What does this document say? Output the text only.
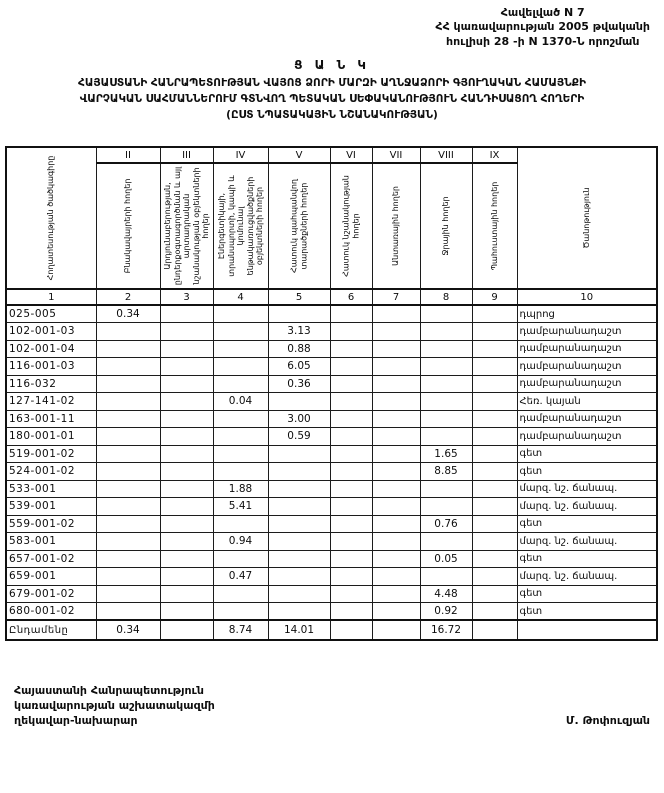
Հավելված N 7
ՀՀ կառավարության 2005 թվականի
հուլիսի 28 -ի N 1370-Ն որոշման
Ց Ա Ն Կ
ՀԱՅԱՍՏԱՆԻ ՀԱՆՐԱՊԵՏՈՒԹՅԱՆ ՎԱՅՈՑ ՁՈՐԻ ՄԱՐԶԻ ԱՂՆՋԱՁՈՐԻ ԳՅՈՒՂԱԿԱՆ ՀԱՄԱՅՆՔԻ
ՎԱՐՉԱԿԱՆ ՍԱՀՄԱՆՆԵՐՈՒՄ ԳՏՆՎՈՂ ՊԵՏԱԿԱՆ ՍԵՓԱԿԱՆՈՒԹՅՈՒՆ ՀԱՆԴԻՍԱՑՈՂ ՀՈՂԵՐԻ
(ԸՍՏ ՆՊԱՏԱԿԱՅԻՆ ՆՇԱՆԱԿՈՒԹՅԱՆ)
Հողատեսության ծածկագիրը	II	III	IV	V	VI	VII	VIII	IX	Ծանոթություն

	Բնակավայրերի հողեր	Արդյունաբերության, ընդերքօգտագործման և այլ արտադրական նշանակության օբյեկտների հողեր	Էներգետիկայի, տրանսպորտի, կապի և կոմունալ ենթակառուցվածքների օբյեկտների հողեր	Հատուկ պահպանվող տարածքների հողեր	Հատուկ նշանակության հողեր	Անտառային հողեր	Ջրային հողեր	Պահուստային հողեր	

1	2	3	4	5	6	7	8	9	10
025-005	0.34								դպրոց
102-001-03				3.13					դամբարանադաշտ
102-001-04				0.88					դամբարանադաշտ
116-001-03				6.05					դամբարանադաշտ
116-032				0.36					դամբարանադաշտ
127-141-02			0.04						Հեռ. կայան
163-001-11				3.00					դամբարանադաշտ
180-001-01				0.59					դամբարանադաշտ
519-001-02							1.65		գետ
524-001-02							8.85		գետ
533-001			1.88						մարզ. նշ. ճանապ.
539-001			5.41						մարզ. նշ. ճանապ.
559-001-02							0.76		գետ
583-001			0.94						մարզ. նշ. ճանապ.
657-001-02							0.05		գետ
659-001			0.47						մարզ. նշ. ճանապ.
679-001-02							4.48		գետ
680-001-02							0.92		գետ
Ընդամենը	0.34		8.74	14.01			16.72		
Հայաստանի Հանրապետություն
կառավարության աշխատակազմի
ղեկավար-նախարար	Մ. Թոփուզյան
